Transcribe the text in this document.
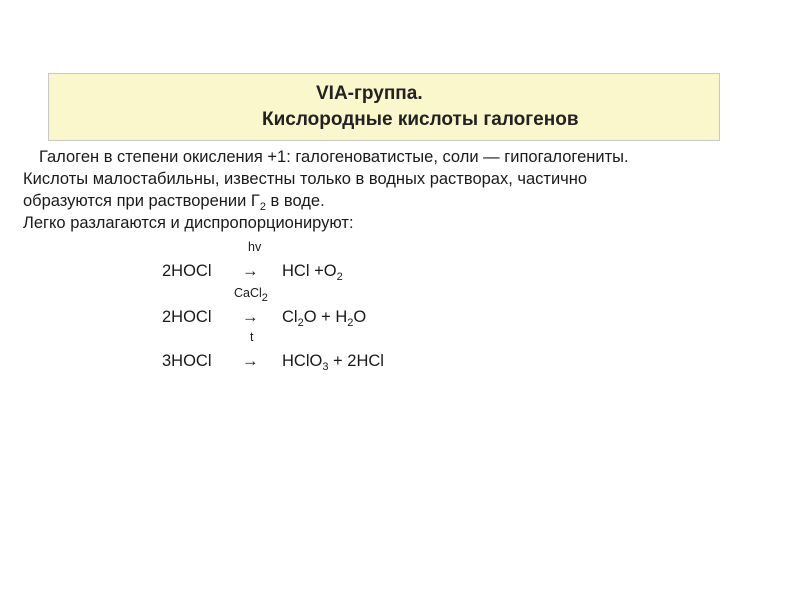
VIA-группа.
Кислородные кислоты галогенов
Галоген в степени окисления +1: галогеноватистые, соли — гипогалогениты.
Кислоты малостабильны, известны только в водных растворах, частично
образуются при растворении $Г_2$ в воде.
Легко разлагаются и диспропорционируют:
hv
2HOCl → HCl $+O_2$
CaCl$_2$
2HOCl → $Cl_2O + H_2O$
t
3HOCl → HClO$_3$ + 2HCl
